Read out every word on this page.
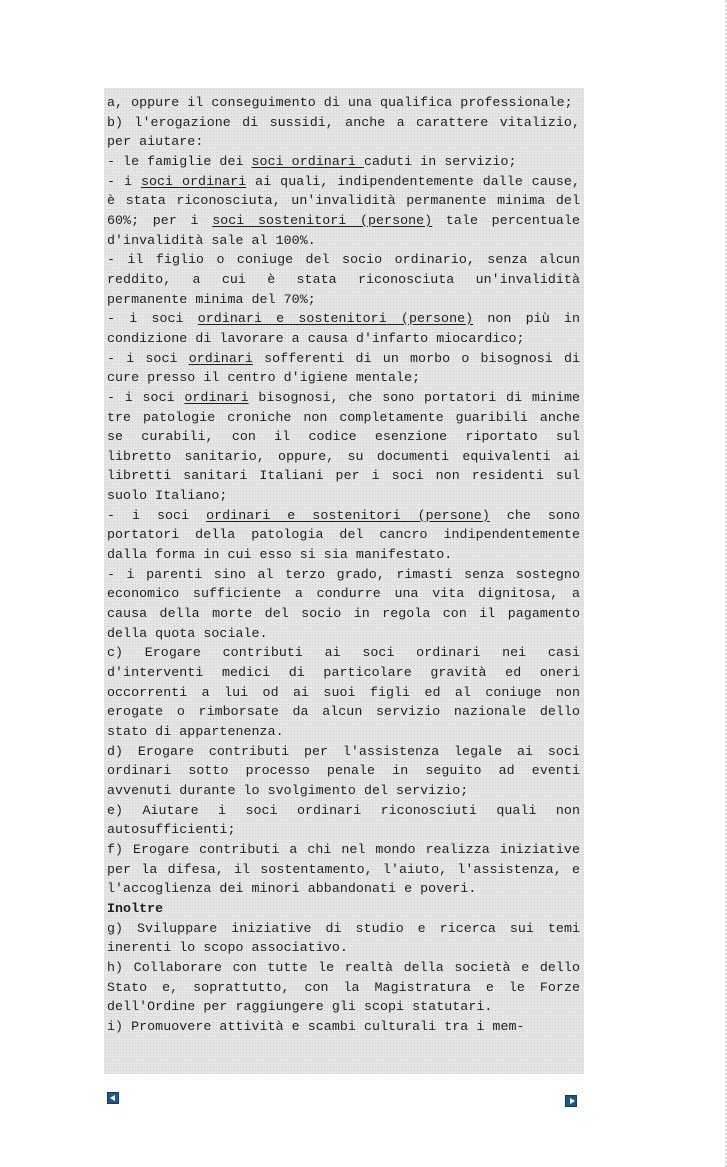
a, oppure il conseguimento di una qualifica professionale;

b) l'erogazione di sussidi, anche a carattere vitalizio, per aiutare:

- le famiglie dei soci ordinari caduti in servizio;

- i soci ordinari ai quali, indipendentemente dalle cause, è stata riconosciuta, un'invalidità permanente minima del 60%; per i soci sostenitori (persone) tale percentuale d'invalidità sale al 100%.

- il figlio o coniuge del socio ordinario, senza alcun reddito, a cui è stata riconosciuta un'invalidità permanente minima del 70%;

- i soci ordinari e sostenitori (persone) non più in condizione di lavorare a causa d'infarto miocardico;

- i soci ordinari sofferenti di un morbo o bisognosi di cure presso il centro d'igiene mentale;

- i soci ordinari bisognosi, che sono portatori di minime tre patologie croniche non completamente guaribili anche se curabili, con il codice esenzione riportato sul libretto sanitario, oppure, su documenti equivalenti ai libretti sanitari Italiani per i soci non residenti sul suolo Italiano;

- i soci ordinari e sostenitori (persone) che sono portatori della patologia del cancro indipendentemente dalla forma in cui esso si sia manifestato.

- i parenti sino al terzo grado, rimasti senza sostegno economico sufficiente a condurre una vita dignitosa, a causa della morte del socio in regola con il pagamento della quota sociale.

c) Erogare contributi ai soci ordinari nei casi d'interventi medici di particolare gravità ed oneri occorrenti a lui od ai suoi figli ed al coniuge non erogate o rimborsate da alcun servizio nazionale dello stato di appartenenza.

d) Erogare contributi per l'assistenza legale ai soci ordinari sotto processo penale in seguito ad eventi avvenuti durante lo svolgimento del servizio;

e) Aiutare i soci ordinari riconosciuti quali non autosufficienti;

f) Erogare contributi a chi nel mondo realizza iniziative per la difesa, il sostentamento, l'aiuto, l'assistenza, e l'accoglienza dei minori abbandonati e poveri.

Inoltre

g) Sviluppare iniziative di studio e ricerca sui temi inerenti lo scopo associativo.

h) Collaborare con tutte le realtà della società e dello Stato e, soprattutto, con la Magistratura e le Forze dell'Ordine per raggiungere gli scopi statutari.

i) Promuovere attività e scambi culturali tra i mem-
